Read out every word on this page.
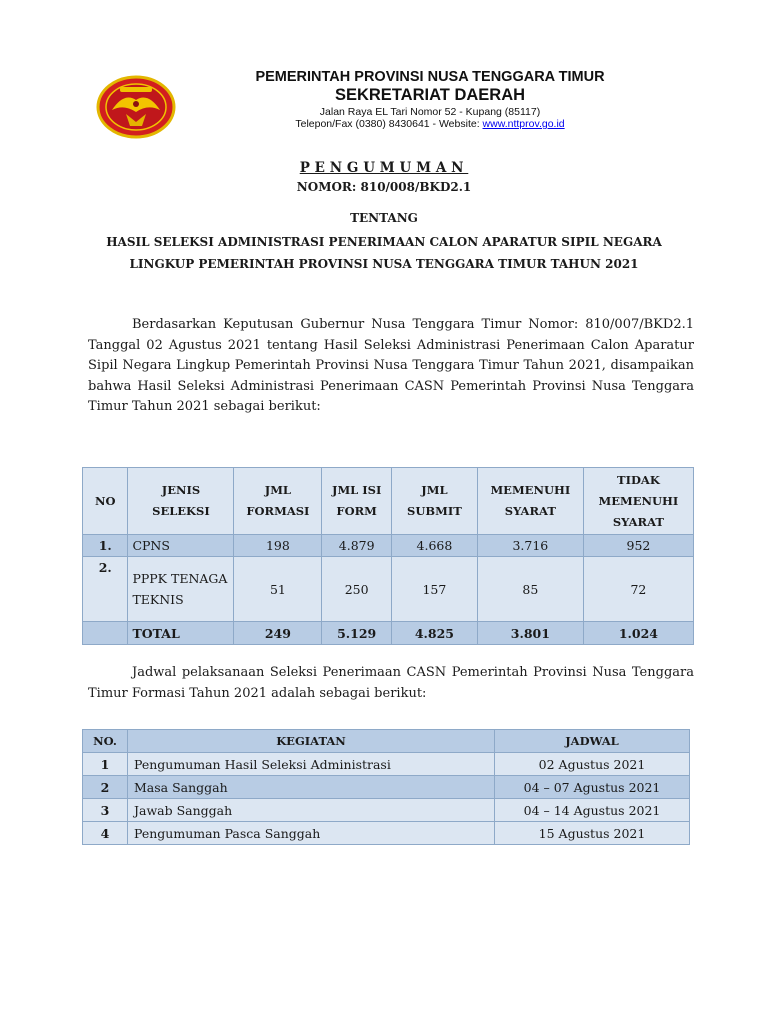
PEMERINTAH PROVINSI NUSA TENGGARA TIMUR
SEKRETARIAT DAERAH
Jalan Raya EL Tari Nomor 52 - Kupang (85117)
Telepon/Fax (0380) 8430641 - Website: www.nttprov.go.id
PENGUMUMAN
NOMOR: 810/008/BKD2.1
TENTANG
HASIL SELEKSI ADMINISTRASI PENERIMAAN CALON APARATUR SIPIL NEGARA LINGKUP PEMERINTAH PROVINSI NUSA TENGGARA TIMUR TAHUN 2021
Berdasarkan Keputusan Gubernur Nusa Tenggara Timur Nomor: 810/007/BKD2.1 Tanggal 02 Agustus 2021 tentang Hasil Seleksi Administrasi Penerimaan Calon Aparatur Sipil Negara Lingkup Pemerintah Provinsi Nusa Tenggara Timur Tahun 2021, disampaikan bahwa Hasil Seleksi Administrasi Penerimaan CASN Pemerintah Provinsi Nusa Tenggara Timur Tahun 2021 sebagai berikut:
NO	JENIS SELEKSI	JML FORMASI	JML ISI FORM	JML SUBMIT	MEMENUHI SYARAT	TIDAK MEMENUHI SYARAT
1.	CPNS	198	4.879	4.668	3.716	952
2.	PPPK TENAGA TEKNIS	51	250	157	85	72
	TOTAL	249	5.129	4.825	3.801	1.024
Jadwal pelaksanaan Seleksi Penerimaan CASN Pemerintah Provinsi Nusa Tenggara Timur Formasi Tahun 2021 adalah sebagai berikut:
NO.	KEGIATAN	JADWAL
1	Pengumuman Hasil Seleksi Administrasi	02 Agustus 2021
2	Masa Sanggah	04 – 07 Agustus 2021
3	Jawab Sanggah	04 – 14 Agustus 2021
4	Pengumuman Pasca Sanggah	15 Agustus 2021
